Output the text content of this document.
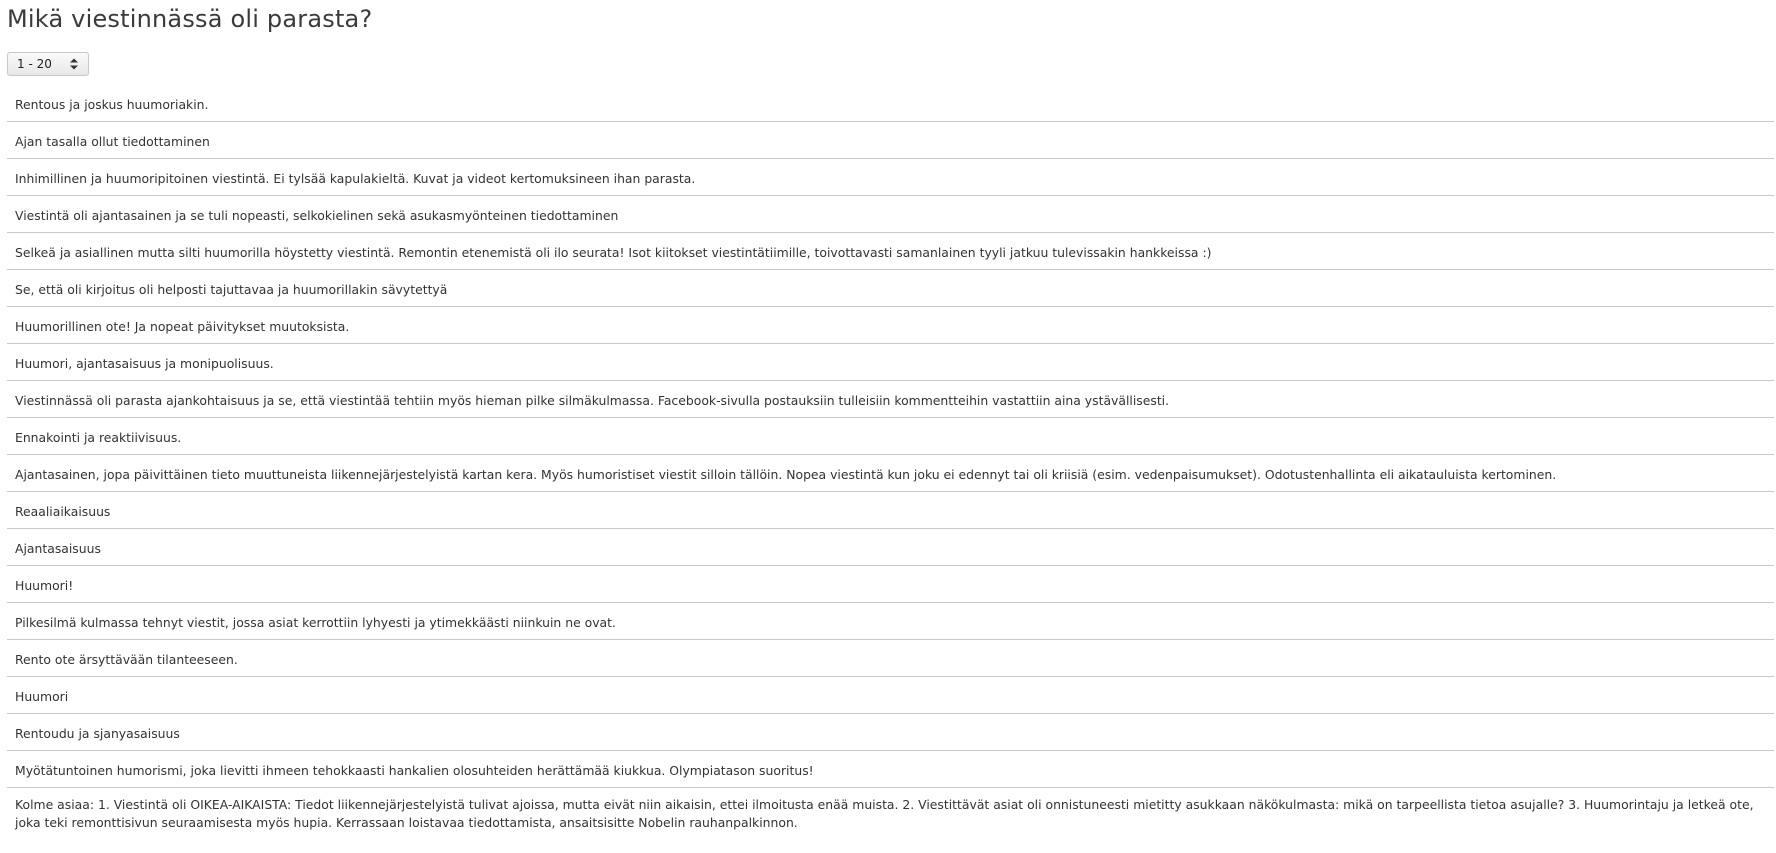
Mikä viestinnässä oli parasta?
1 - 20
Rentous ja joskus huumoriakin.
Ajan tasalla ollut tiedottaminen
Inhimillinen ja huumoripitoinen viestintä. Ei tylsää kapulakieltä. Kuvat ja videot kertomuksineen ihan parasta.
Viestintä oli ajantasainen ja se tuli nopeasti, selkokielinen sekä asukasmyönteinen tiedottaminen
Selkeä ja asiallinen mutta silti huumorilla höystetty viestintä. Remontin etenemistä oli ilo seurata! Isot kiitokset viestintätiimille, toivottavasti samanlainen tyyli jatkuu tulevissakin hankkeissa :)
Se, että oli kirjoitus oli helposti tajuttavaa ja huumorillakin sävytettyä
Huumorillinen ote! Ja nopeat päivitykset muutoksista.
Huumori, ajantasaisuus ja monipuolisuus.
Viestinnässä oli parasta ajankohtaisuus ja se, että viestintää tehtiin myös hieman pilke silmäkulmassa. Facebook-sivulla postauksiin tulleisiin kommentteihin vastattiin aina ystävällisesti.
Ennakointi ja reaktiivisuus.
Ajantasainen, jopa päivittäinen tieto muuttuneista liikennejärjestelyistä kartan kera. Myös humoristiset viestit silloin tällöin. Nopea viestintä kun joku ei edennyt tai oli kriisiä (esim. vedenpaisumukset). Odotustenhallinta eli aikatauluista kertominen.
Reaaliaikaisuus
Ajantasaisuus
Huumori!
Pilkesilmä kulmassa tehnyt viestit, jossa asiat kerrottiin lyhyesti ja ytimekkäästi niinkuin ne ovat.
Rento ote ärsyttävään tilanteeseen.
Huumori
Rentoudu ja sjanyasaisuus
Myötätuntoinen humorismi, joka lievitti ihmeen tehokkaasti hankalien olosuhteiden herättämää kiukkua. Olympiatason suoritus!
Kolme asiaa: 1. Viestintä oli OIKEA-AIKAISTA: Tiedot liikennejärjestelyistä tulivat ajoissa, mutta eivät niin aikaisin, ettei ilmoitusta enää muista. 2. Viestittävät asiat oli onnistuneesti mietitty asukkaan näkökulmasta: mikä on tarpeellista tietoa asujalle? 3. Huumorintaju ja letkeä ote, joka teki remonttisivun seuraamisesta myös hupia. Kerrassaan loistavaa tiedottamista, ansaitsisitte Nobelin rauhanpalkinnon.
